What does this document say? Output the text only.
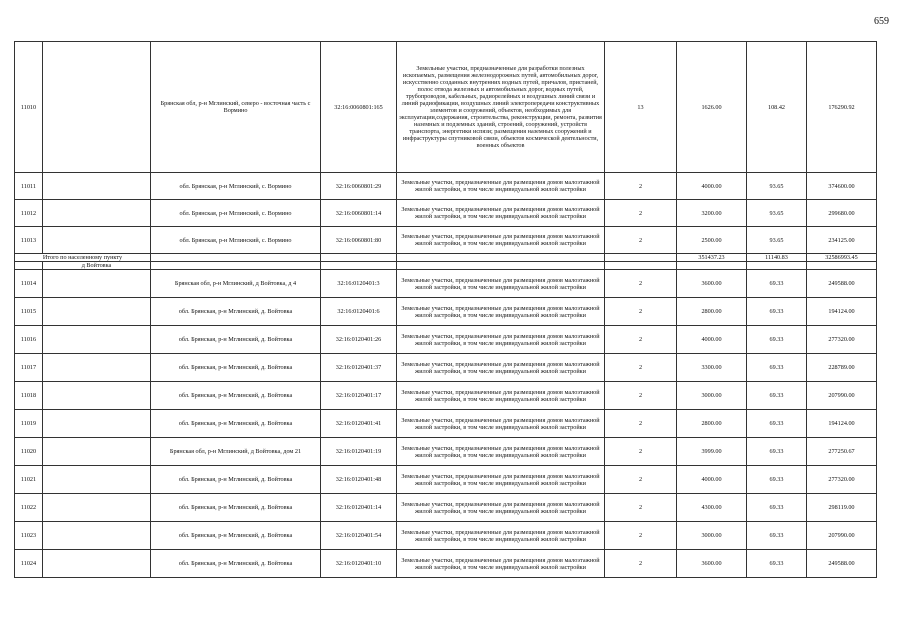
659
11010		Брянская обл, р-н Мглинский, северо - восточная часть с Вормино	32:16:0060801:165	Земельные участки, предназначенные для разработки полезных ископаемых, размещения железнодорожных путей, автомобильных дорог, искусственно созданных внутренних водных путей, причалов, пристаней, полос отвода железных и автомобильных дорог, водных путей, трубопроводов, кабельных, радиорелейных и воздушных линий связи и линий радиофикации, воздушных линий электропередачи конструктивных элементов и сооружений, объектов, необходимых для эксплуатации,содержания, строительства, реконструкции, ремонта, развития наземных и подземных зданий, строений, сооружений, устройств транспорта, энергетики испязи; размещения наземных сооружений и инфраструктуры спутниковой связи, объектов космической деятельности, военных объектов	13	1626.00	108.42	176290.92
11011		обл. Брянская, р-н Мглинский, с. Вормино	32:16:0060801:29	Земельные участки, предназначенные для размещения домов малоэтажной жилой застройки, в том числе индивидуальной жилой застройки	2	4000.00	93.65	374600.00
11012		обл. Брянская, р-н Мглинский, с. Вормино	32:16:0060801:14	Земельные участки, предназначенные для размещения домов малоэтажной жилой застройки, в том числе индивидуальной жилой застройки	2	3200.00	93.65	299680.00
11013		обл. Брянская, р-н Мглинский, с. Вормино	32:16:0060801:80	Земельные участки, предназначенные для размещения домов малоэтажной жилой застройки, в том числе индивидуальной жилой застройки	2	2500.00	93.65	234125.00
Итого по населенному пункту						351437.23	11140.83	32586993.45
	д Войтовка							
11014		Брянская обл, р-н Мглинский, д Войтовка, д 4	32:16:0120401:3	Земельные участки, предназначенные для размещения домов малоэтажной жилой застройки, в том числе индивидуальной жилой застройки	2	3600.00	69.33	249588.00
11015		обл. Брянская, р-н Мглинский, д. Войтовка	32:16:0120401:6	Земельные участки, предназначенные для размещения домов малоэтажной жилой застройки, в том числе индивидуальной жилой застройки	2	2800.00	69.33	194124.00
11016		обл. Брянская, р-н Мглинский, д. Войтовка	32:16:0120401:26	Земельные участки, предназначенные для размещения домов малоэтажной жилой застройки, в том числе индивидуальной жилой застройки	2	4000.00	69.33	277320.00
11017		обл. Брянская, р-н Мглинский, д. Войтовка	32:16:0120401:37	Земельные участки, предназначенные для размещения домов малоэтажной жилой застройки, в том числе индивидуальной жилой застройки	2	3300.00	69.33	228789.00
11018		обл. Брянская, р-н Мглинский, д. Войтовка	32:16:0120401:17	Земельные участки, предназначенные для размещения домов малоэтажной жилой застройки, в том числе индивидуальной жилой застройки	2	3000.00	69.33	207990.00
11019		обл. Брянская, р-н Мглинский, д. Войтовка	32:16:0120401:41	Земельные участки, предназначенные для размещения домов малоэтажной жилой застройки, в том числе индивидуальной жилой застройки	2	2800.00	69.33	194124.00
11020		Брянская обл, р-н Мглинский, д Войтовка, дом 21	32:16:0120401:19	Земельные участки, предназначенные для размещения домов малоэтажной жилой застройки, в том числе индивидуальной жилой застройки	2	3999.00	69.33	277250.67
11021		обл. Брянская, р-н Мглинский, д. Войтовка	32:16:0120401:48	Земельные участки, предназначенные для размещения домов малоэтажной жилой застройки, в том числе индивидуальной жилой застройки	2	4000.00	69.33	277320.00
11022		обл. Брянская, р-н Мглинский, д. Войтовка	32:16:0120401:14	Земельные участки, предназначенные для размещения домов малоэтажной жилой застройки, в том числе индивидуальной жилой застройки	2	4300.00	69.33	298119.00
11023		обл. Брянская, р-н Мглинский, д. Войтовка	32:16:0120401:54	Земельные участки, предназначенные для размещения домов малоэтажной жилой застройки, в том числе индивидуальной жилой застройки	2	3000.00	69.33	207990.00
11024		обл. Брянская, р-н Мглинский, д. Войтовка	32:16:0120401:10	Земельные участки, предназначенные для размещения домов малоэтажной жилой застройки, в том числе индивидуальной жилой застройки	2	3600.00	69.33	249588.00
